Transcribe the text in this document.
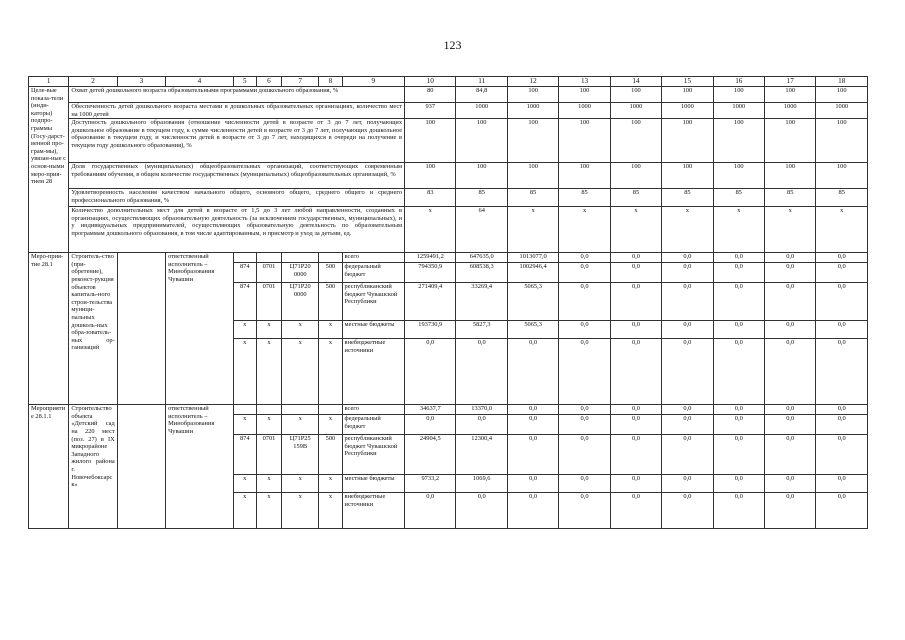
123
1	2	3	4	5	6	7	8	9	10	11	12	13	14	15	16	17	18
Целе-вые показа-тели (инди-каторы) подпро-граммы (Госу-дарст-венной про-грам-мы), увязан-ные с основ-ными меро-прия-тием 28	Охват детей дошкольного возраста образовательными программами дошкольного образования, %								80	84,8	100	100	100	100	100	100	100
	Обеспеченность детей дошкольного возраста местами в дошкольных образовательных организациях, количество мест на 1000 детей								937	1000	1000	1000	1000	1000	1000	1000	1000
	Доступность дошкольного образования (отношение численности детей в возрасте от 3 до 7 лет, получающих дошкольное образование в текущем году, к сумме численности детей в возрасте от 3 до 7 лет, получающих дошкольное образование в текущем году, и численности детей в возрасте от 3 до 7 лет, находящихся в очереди на получение в текущем году дошкольного образования), %								100	100	100	100	100	100	100	100	100
	Доля государственных (муниципальных) общеобразовательных организаций, соответствующих современным требованиям обучения, в общем количестве государственных (муниципальных) общеобразовательных организаций, %								100	100	100	100	100	100	100	100	100
	Удовлетворенность населения качеством начального общего, основного общего, среднего общего и среднего профессионального образования, %								83	85	85	85	85	85	85	85	85
	Количество дополнительных мест для детей в возрасте от 1,5 до 3 лет любой направленности, созданных в организациях, осуществляющих образовательную деятельность (за исключением государственных, муниципальных), и у индивидуальных предпринимателей, осуществляющих образовательную деятельность по образовательным программам дошкольного образования, в том числе адаптированным, и присмотр и уход за детьми, ед.								x	64	x	x	x	x	x	x	x
Меро-прия-тие 28.1	Строитель-ство (при-обретение), реконст-рукция объектов капиталь-ного строи-тельства муници-пальных дошколь-ных обра-зователь-ных ор-ганизаций		ответственный исполнитель – Минобразования Чувашии					всего	1259491,2	647635,0	1013077,0	0,0	0,0	0,0	0,0	0,0	0,0
				874	0701	Ц71Р20 0000	500	федеральный бюджет	794350,9	608538,3	1002946,4	0,0	0,0	0,0	0,0	0,0	0,0
				874	0701	Ц71Р20 0000	500	республиканский бюджет Чувашской Республики	271409,4	33269,4	5065,3	0,0	0,0	0,0	0,0	0,0	0,0
				x	x	x	x	местные бюджеты	193730,9	5827,3	5065,3	0,0	0,0	0,0	0,0	0,0	0,0
				x	x	x	x	внебюджетные источники	0,0	0,0	0,0	0,0	0,0	0,0	0,0	0,0	0,0
Мероприятие 28.1.1	Строительство объекта «Детский сад на 220 мест (поз. 27) в IX микрорайоне Западного жилого района г. Новочебоксарск»		ответственный исполнитель – Минобразования Чувашии					всего	34637,7	13370,0	0,0	0,0	0,0	0,0	0,0	0,0	0,0
				x	x	x	x	федеральный бюджет	0,0	0,0	0,0	0,0	0,0	0,0	0,0	0,0	0,0
				874	0701	Ц71Р25 159В	500	республиканский бюджет Чувашской Республики	24904,5	12300,4	0,0	0,0	0,0	0,0	0,0	0,0	0,0
				x	x	x	x	местные бюджеты	9733,2	1069,6	0,0	0,0	0,0	0,0	0,0	0,0	0,0
				x	x	x	x	внебюджетные источники	0,0	0,0	0,0	0,0	0,0	0,0	0,0	0,0	0,0
